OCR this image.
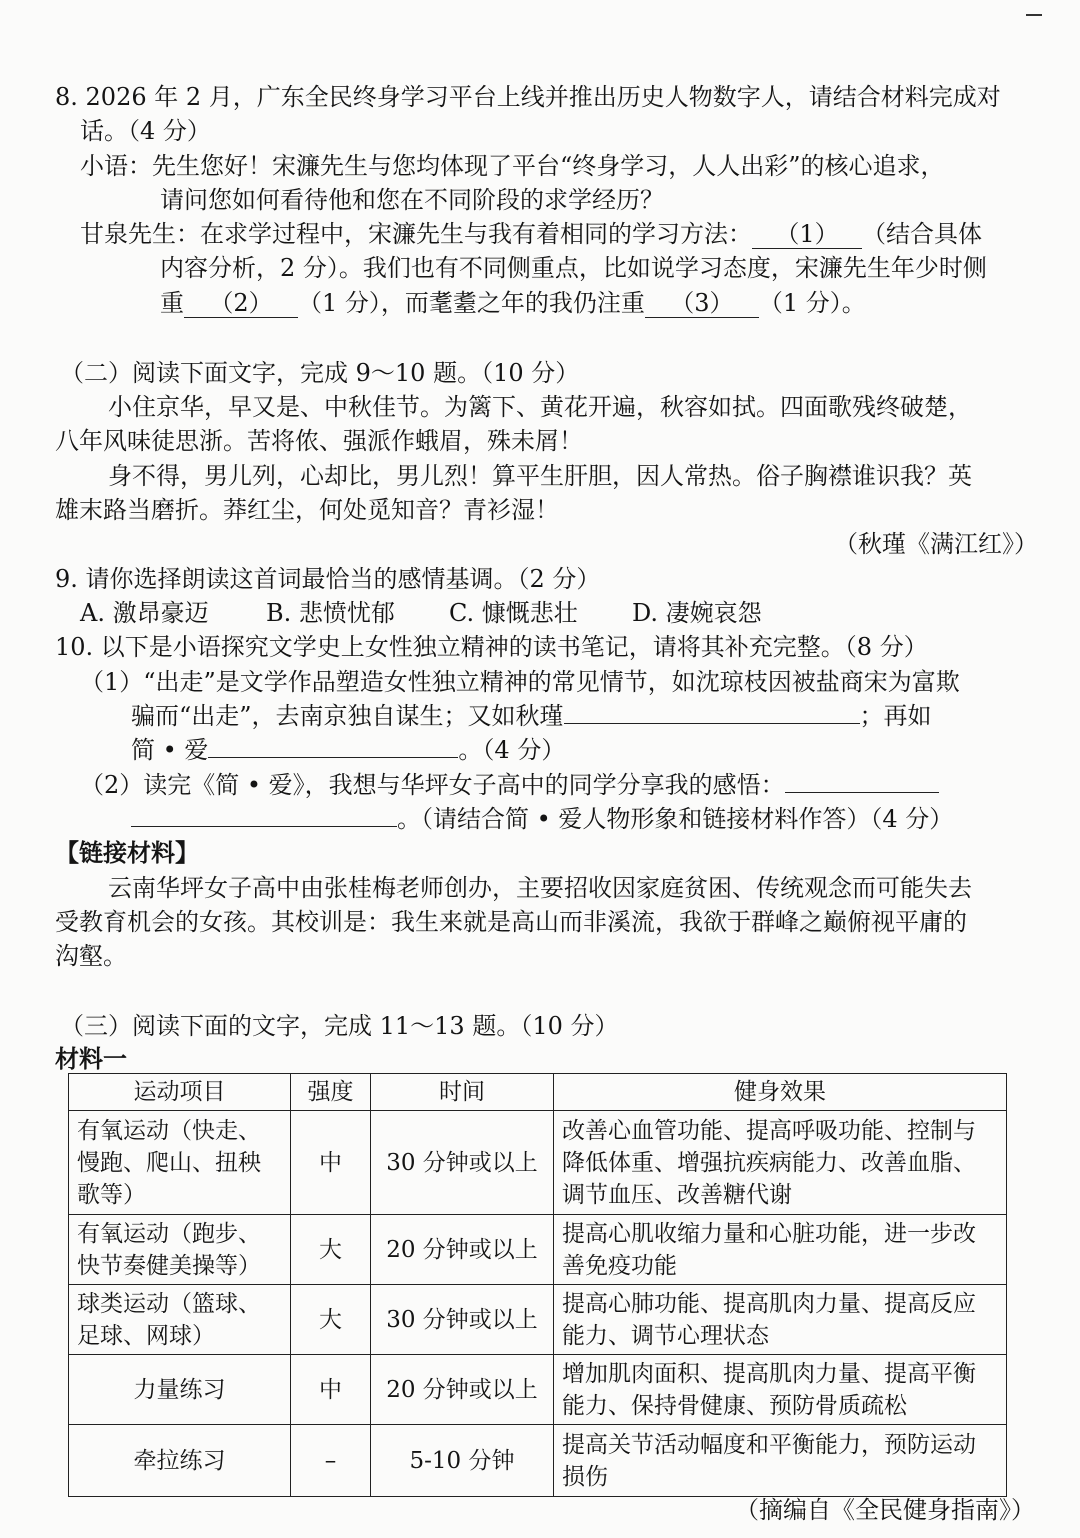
8. 2026 年 2 月，广东全民终身学习平台上线并推出历史人物数字人，请结合材料完成对
话。（4 分）
小语：先生您好！宋濂先生与您均体现了平台“终身学习，人人出彩”的核心追求，
请问您如何看待他和您在不同阶段的求学经历？
甘泉先生：在求学过程中，宋濂先生与我有着相同的学习方法： （1） （结合具体
内容分析，2 分）。我们也有不同侧重点，比如说学习态度，宋濂先生年少时侧
重 （2） （1 分），而耄耋之年的我仍注重 （3） （1 分）。
（二）阅读下面文字，完成 9～10 题。（10 分）
小住京华，早又是、中秋佳节。为篱下、黄花开遍，秋容如拭。四面歌残终破楚，
八年风味徒思浙。苦将侬、强派作蛾眉，殊未屑！
身不得，男儿列，心却比，男儿烈！算平生肝胆，因人常热。俗子胸襟谁识我？英
雄末路当磨折。莽红尘，何处觅知音？青衫湿！
（秋瑾《满江红》）
9. 请你选择朗读这首词最恰当的感情基调。（2 分）
A. 激昂豪迈 B. 悲愤忧郁 C. 慷慨悲壮 D. 凄婉哀怨
10. 以下是小语探究文学史上女性独立精神的读书笔记，请将其补充完整。（8 分）
（1）“出走”是文学作品塑造女性独立精神的常见情节，如沈琼枝因被盐商宋为富欺
骗而“出走”，去南京独自谋生；又如秋瑾	；再如
简 • 爱	。（4 分）
（2）读完《简 • 爱》，我想与华坪女子高中的同学分享我的感悟：
。（请结合简 • 爱人物形象和链接材料作答）（4 分）
【链接材料】
云南华坪女子高中由张桂梅老师创办，主要招收因家庭贫困、传统观念而可能失去
受教育机会的女孩。其校训是：我生来就是高山而非溪流，我欲于群峰之巅俯视平庸的
沟壑。
（三）阅读下面的文字，完成 11～13 题。（10 分）
材料一
运动项目	强度	时间	健身效果
有氧运动（快走、慢跑、爬山、扭秧歌等）	中	30 分钟或以上	改善心血管功能、提高呼吸功能、控制与降低体重、增强抗疾病能力、改善血脂、调节血压、改善糖代谢
有氧运动（跑步、快节奏健美操等）	大	20 分钟或以上	提高心肌收缩力量和心脏功能，进一步改善免疫功能
球类运动（篮球、足球、网球）	大	30 分钟或以上	提高心肺功能、提高肌肉力量、提高反应能力、调节心理状态
力量练习	中	20 分钟或以上	增加肌肉面积、提高肌肉力量、提高平衡能力、保持骨健康、预防骨质疏松
牵拉练习	–	5-10 分钟	提高关节活动幅度和平衡能力，预防运动损伤
（摘编自《全民健身指南》）
